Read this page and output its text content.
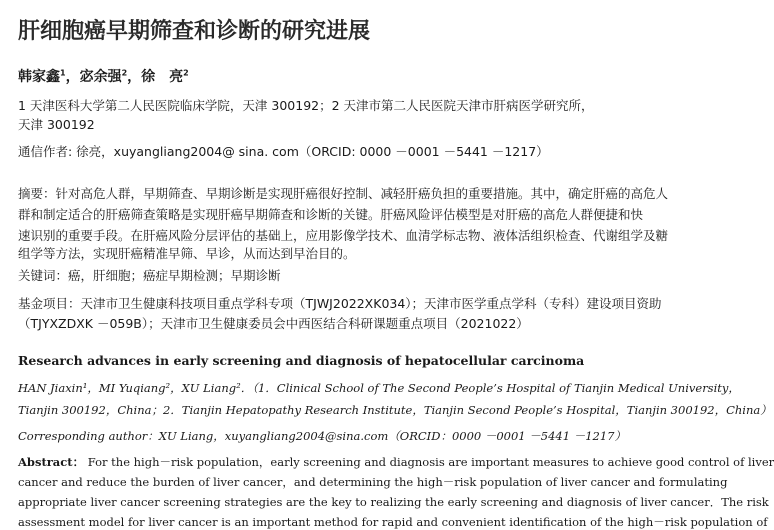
肝细胞癌早期筛查和诊断的研究进展
韩家鑫$^1$，宓余强$^2$，徐　亮$^2$
1 天津医科大学第二人民医院临床学院，天津 300192；2 天津市第二人民医院天津市肝病医学研究所，
天津 300192
通信作者: 徐亮，xuyangliang2004@ sina. com（ORCID: 0000 －0001 －5441 －1217）
摘要：针对高危人群，早期筛查、早期诊断是实现肝癌很好控制、减轻肝癌负担的重要措施。其中，确定肝癌的高危人
群和制定适合的肝癌筛查策略是实现肝癌早期筛查和诊断的关键。肝癌风险评估模型是对肝癌的高危人群便捷和快
速识别的重要手段。在肝癌风险分层评估的基础上，应用影像学技术、血清学标志物、液体活组织检查、代谢组学及糖
组学等方法，实现肝癌精准早筛、早诊，从而达到早治目的。
关键词：癌，肝细胞；癌症早期检测；早期诊断
基金项目：天津市卫生健康科技项目重点学科专项（TJWJ2022XK034）；天津市医学重点学科（专科）建设项目资助
（TJYXZDXK －059B）；天津市卫生健康委员会中西医结合科研课题重点项目（2021022）
Research advances in early screening and diagnosis of hepatocellular carcinoma
HAN Jiaxin¹，MI Yuqiang²，XU Liang²．（1．Clinical School of The Second People’s Hospital of Tianjin Medical University，
Tianjin 300192，China；2．Tianjin Hepatopathy Research Institute，Tianjin Second People’s Hospital，Tianjin 300192，China）
Corresponding author：XU Liang，xuyangliang2004@sina.com（ORCID：0000 －0001 －5441 －1217）
Abstract： For the high－risk population，early screening and diagnosis are important measures to achieve good control of liver
cancer and reduce the burden of liver cancer，and determining the high－risk population of liver cancer and formulating
appropriate liver cancer screening strategies are the key to realizing the early screening and diagnosis of liver cancer．The risk
assessment model for liver cancer is an important method for rapid and convenient identification of the high－risk population of
